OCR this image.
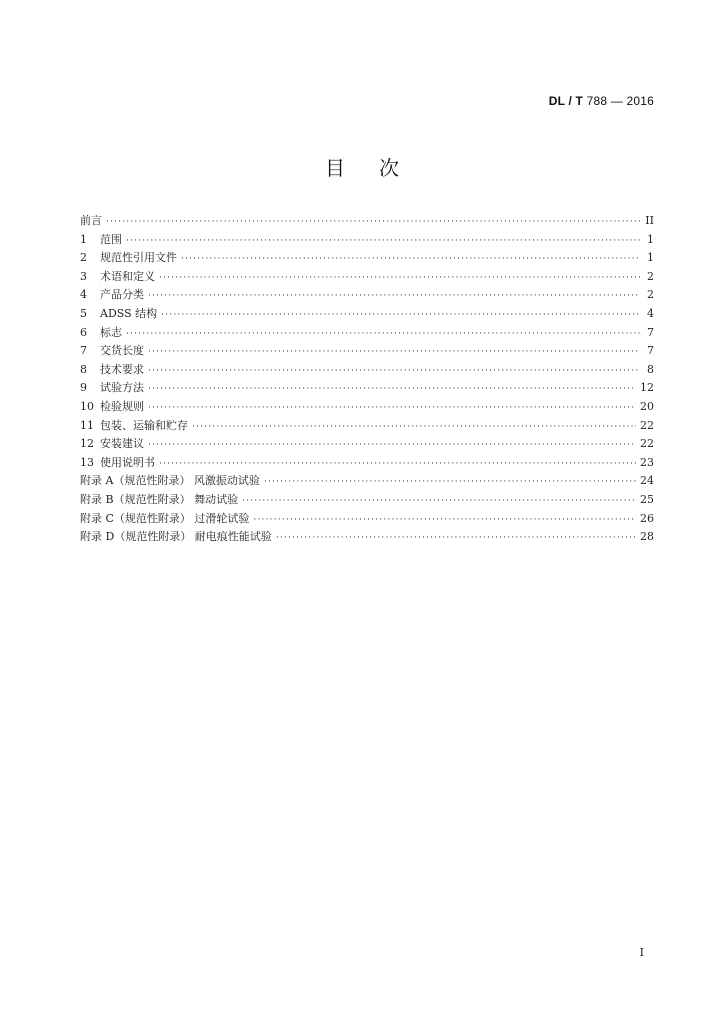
DL / T 788 — 2016
目次
前言 ·····	II
1 范围 ·····	1
2 规范性引用文件 ·····	1
3 术语和定义 ·····	2
4 产品分类 ·····	2
5 ADSS 结构 ·····	4
6 标志 ·····	7
7 交货长度 ·····	7
8 技术要求 ·····	8
9 试验方法 ·····	12
10 检验规则 ·····	20
11 包装、运输和贮存 ·····	22
12 安装建议 ·····	22
13 使用说明书 ·····	23
附录 A（规范性附录） 风激振动试验 ·····	24
附录 B（规范性附录） 舞动试验 ·····	25
附录 C（规范性附录） 过滑轮试验 ·····	26
附录 D（规范性附录） 耐电痕性能试验 ·····	28
I
